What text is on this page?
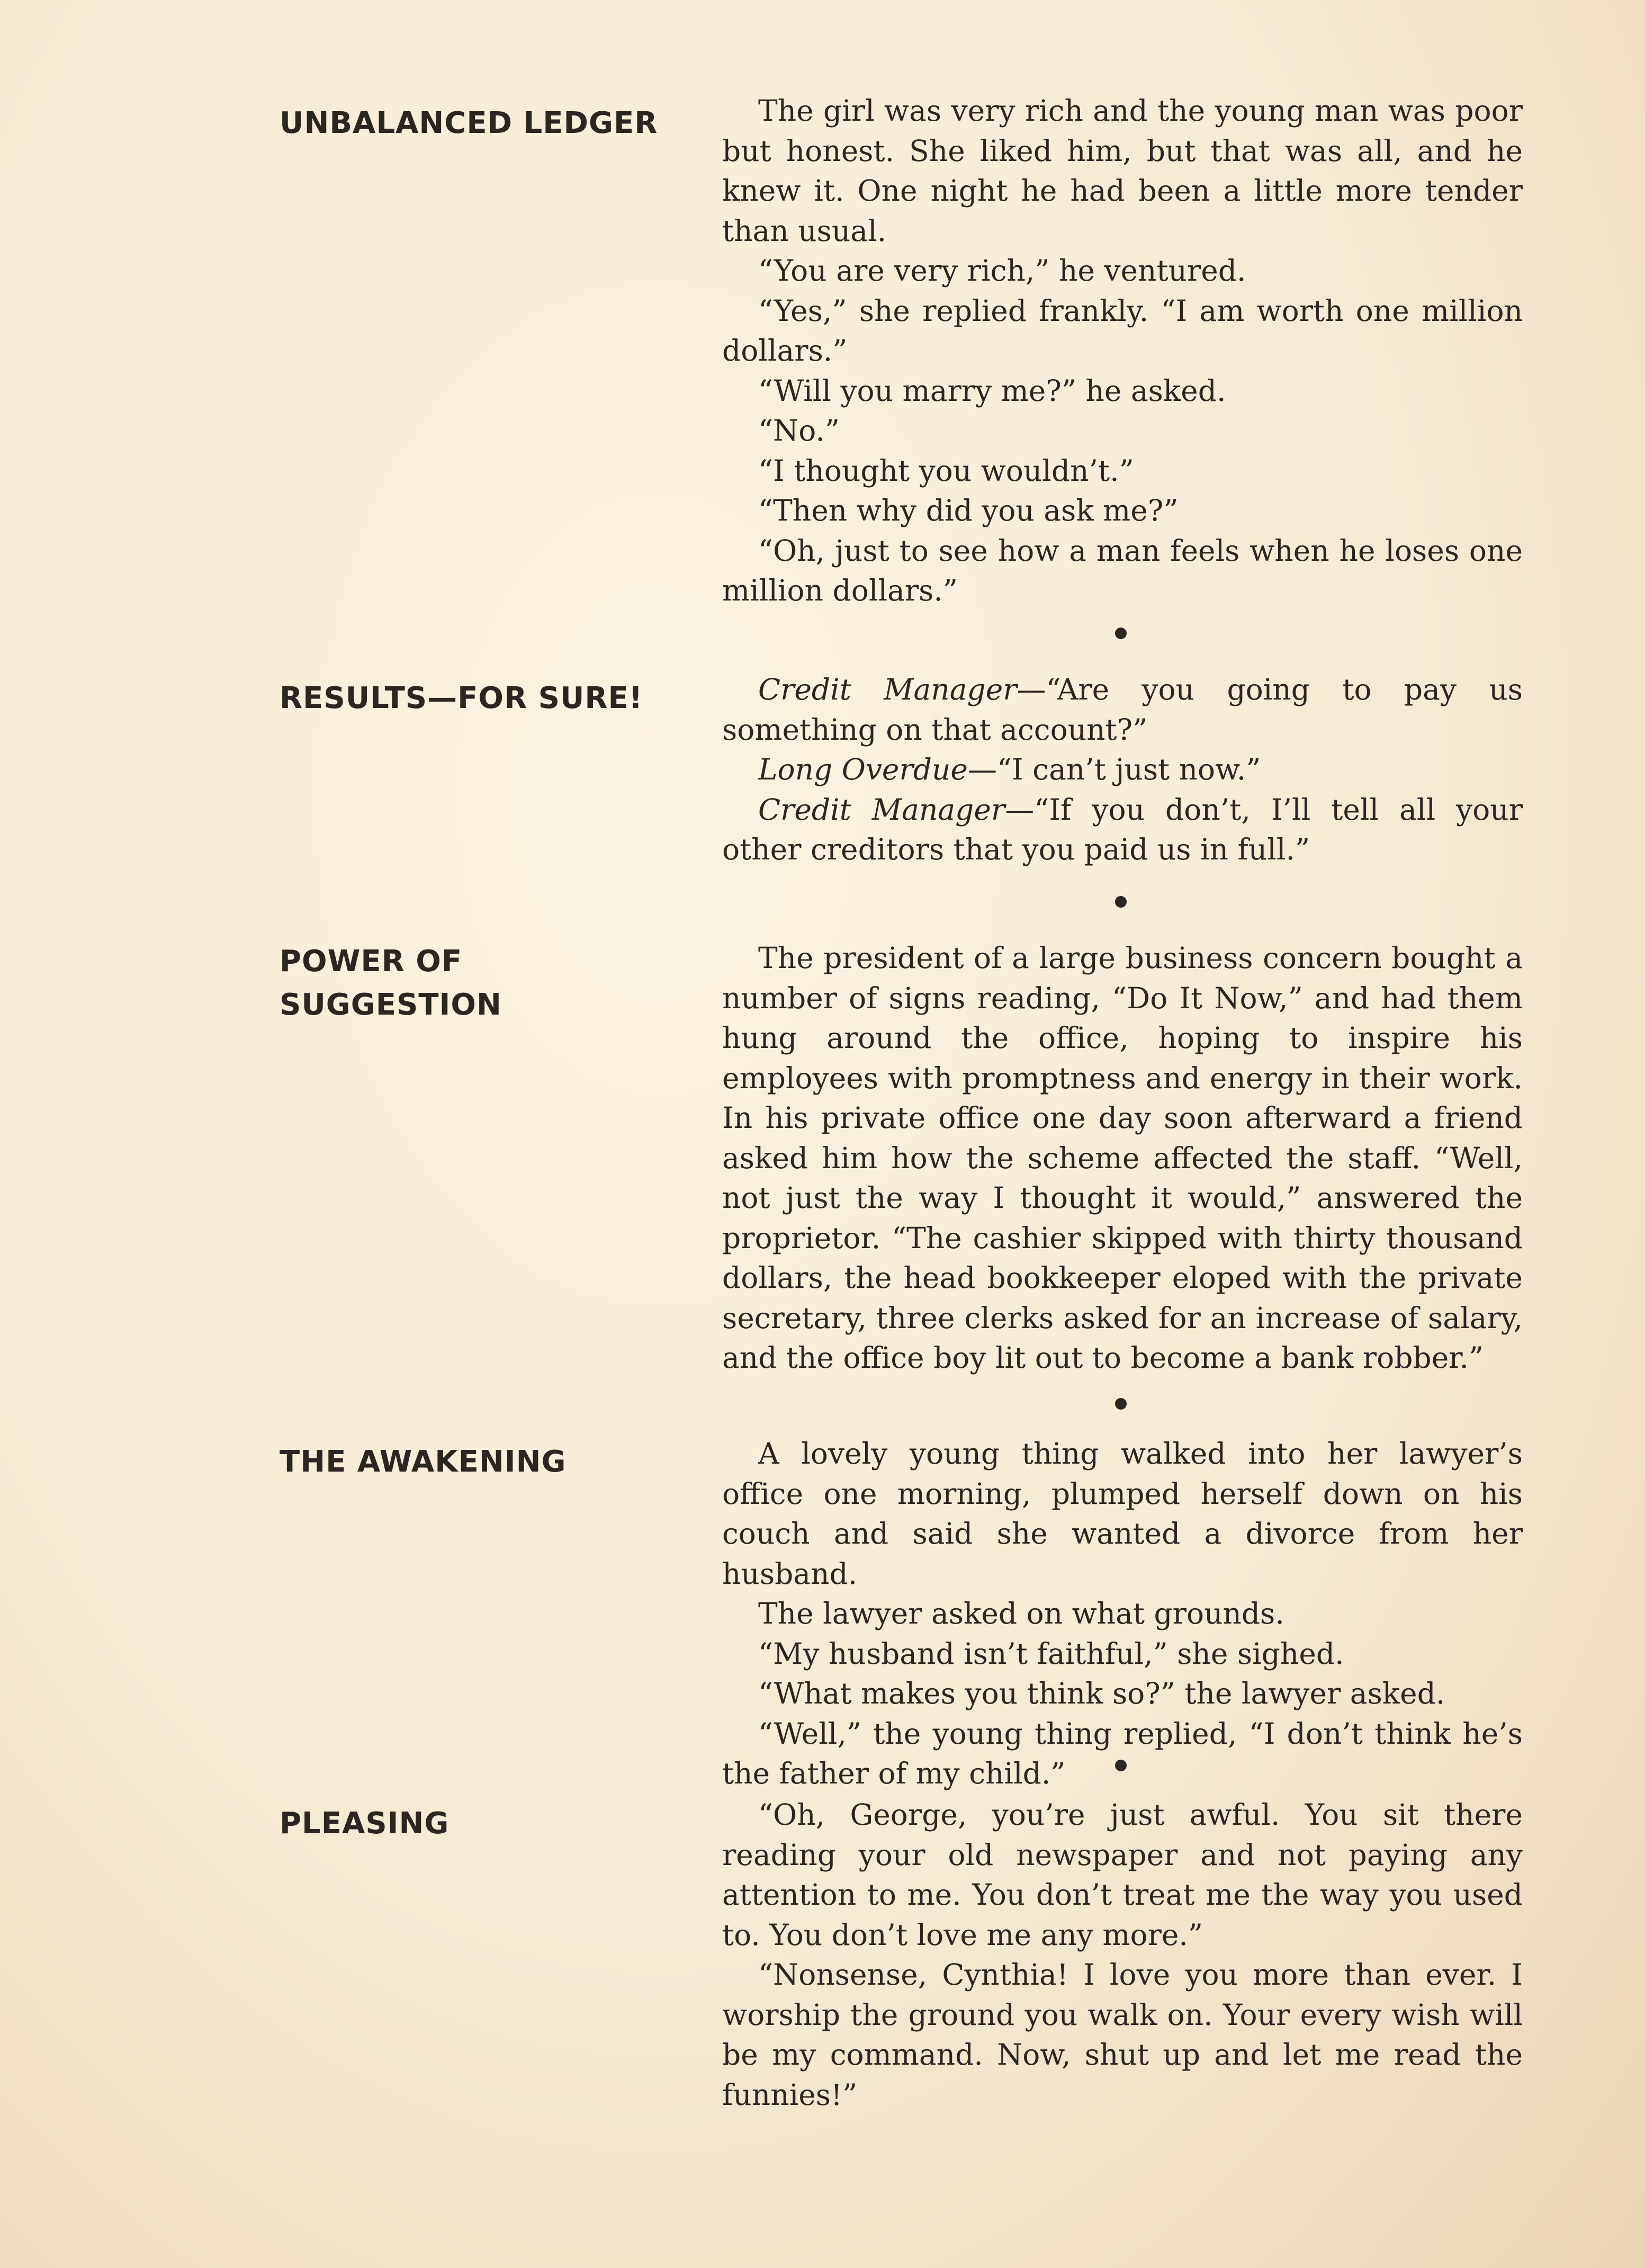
UNBALANCED LEDGER	The girl was very rich and the young man was poor but honest. She liked him, but that was all, and he knew it. One night he had been a little more tender than usual.

“You are very rich,” he ventured.

“Yes,” she replied frankly. “I am worth one million dollars.”

“Will you marry me?” he asked.

“No.”

“I thought you wouldn’t.”

“Then why did you ask me?”

“Oh, just to see how a man feels when he loses one million dollars.”

RESULTS—FOR SURE!	Credit Manager—“Are you going to pay us something on that account?”

Long Overdue—“I can’t just now.”

Credit Manager—“If you don’t, I’ll tell all your other creditors that you paid us in full.”

POWER OF
SUGGESTION

The president of a large business concern bought a number of signs reading, “Do It Now,” and had them hung around the office, hoping to inspire his employees with promptness and energy in their work. In his private office one day soon afterward a friend asked him how the scheme affected the staff. “Well, not just the way I thought it would,” answered the proprietor. “The cashier skipped with thirty thousand dollars, the head bookkeeper eloped with the private secretary, three clerks asked for an increase of salary, and the office boy lit out to become a bank robber.”

THE AWAKENING	A lovely young thing walked into her lawyer’s office one morning, plumped herself down on his couch and said she wanted a divorce from her husband.

The lawyer asked on what grounds.

“My husband isn’t faithful,” she sighed.

“What makes you think so?” the lawyer asked.

“Well,” the young thing replied, “I don’t think he’s the father of my child.”

PLEASING	“Oh, George, you’re just awful. You sit there reading your old newspaper and not paying any attention to me. You don’t treat me the way you used to. You don’t love me any more.”

“Nonsense, Cynthia! I love you more than ever. I worship the ground you walk on. Your every wish will be my command. Now, shut up and let me read the funnies!”
